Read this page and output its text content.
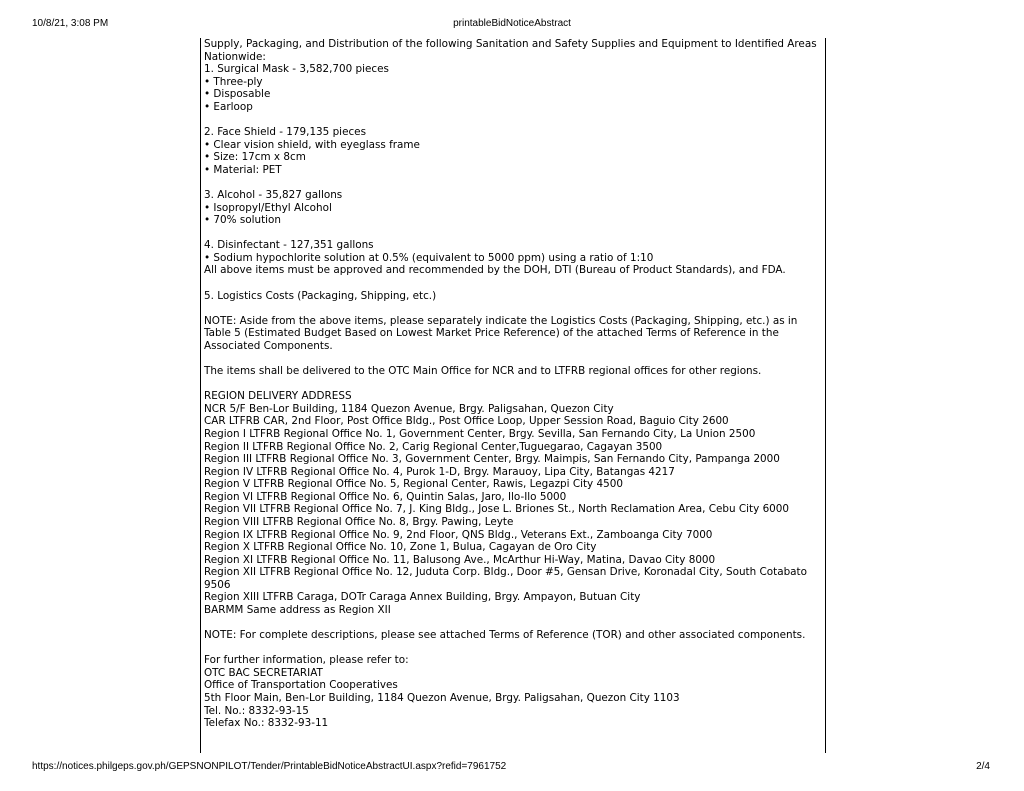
10/8/21, 3:08 PM	printableBidNoticeAbstract
Supply, Packaging, and Distribution of the following Sanitation and Safety Supplies and Equipment to Identified Areas
Nationwide:
1. Surgical Mask - 3,582,700 pieces
• Three-ply
• Disposable
• Earloop
2. Face Shield - 179,135 pieces
• Clear vision shield, with eyeglass frame
• Size: 17cm x 8cm
• Material: PET
3. Alcohol - 35,827 gallons
• Isopropyl/Ethyl Alcohol
• 70% solution
4. Disinfectant - 127,351 gallons
• Sodium hypochlorite solution at 0.5% (equivalent to 5000 ppm) using a ratio of 1:10
All above items must be approved and recommended by the DOH, DTI (Bureau of Product Standards), and FDA.
5. Logistics Costs (Packaging, Shipping, etc.)
NOTE: Aside from the above items, please separately indicate the Logistics Costs (Packaging, Shipping, etc.) as in
Table 5 (Estimated Budget Based on Lowest Market Price Reference) of the attached Terms of Reference in the
Associated Components.
The items shall be delivered to the OTC Main Office for NCR and to LTFRB regional offices for other regions.
REGION DELIVERY ADDRESS
NCR 5/F Ben-Lor Building, 1184 Quezon Avenue, Brgy. Paligsahan, Quezon City
CAR LTFRB CAR, 2nd Floor, Post Office Bldg., Post Office Loop, Upper Session Road, Baguio City 2600
Region I LTFRB Regional Office No. 1, Government Center, Brgy. Sevilla, San Fernando City, La Union 2500
Region II LTFRB Regional Office No. 2, Carig Regional Center,Tuguegarao, Cagayan 3500
Region III LTFRB Regional Office No. 3, Government Center, Brgy. Maimpis, San Fernando City, Pampanga 2000
Region IV LTFRB Regional Office No. 4, Purok 1-D, Brgy. Marauoy, Lipa City, Batangas 4217
Region V LTFRB Regional Office No. 5, Regional Center, Rawis, Legazpi City 4500
Region VI LTFRB Regional Office No. 6, Quintin Salas, Jaro, Ilo-Ilo 5000
Region VII LTFRB Regional Office No. 7, J. King Bldg., Jose L. Briones St., North Reclamation Area, Cebu City 6000
Region VIII LTFRB Regional Office No. 8, Brgy. Pawing, Leyte
Region IX LTFRB Regional Office No. 9, 2nd Floor, QNS Bldg., Veterans Ext., Zamboanga City 7000
Region X LTFRB Regional Office No. 10, Zone 1, Bulua, Cagayan de Oro City
Region XI LTFRB Regional Office No. 11, Balusong Ave., McArthur Hi-Way, Matina, Davao City 8000
Region XII LTFRB Regional Office No. 12, Juduta Corp. Bldg., Door #5, Gensan Drive, Koronadal City, South Cotabato
9506
Region XIII LTFRB Caraga, DOTr Caraga Annex Building, Brgy. Ampayon, Butuan City
BARMM Same address as Region XII
NOTE: For complete descriptions, please see attached Terms of Reference (TOR) and other associated components.
For further information, please refer to:
OTC BAC SECRETARIAT
Office of Transportation Cooperatives
5th Floor Main, Ben-Lor Building, 1184 Quezon Avenue, Brgy. Paligsahan, Quezon City 1103
Tel. No.: 8332-93-15
Telefax No.: 8332-93-11
https://notices.philgeps.gov.ph/GEPSNONPILOT/Tender/PrintableBidNoticeAbstractUI.aspx?refid=7961752	2/4
